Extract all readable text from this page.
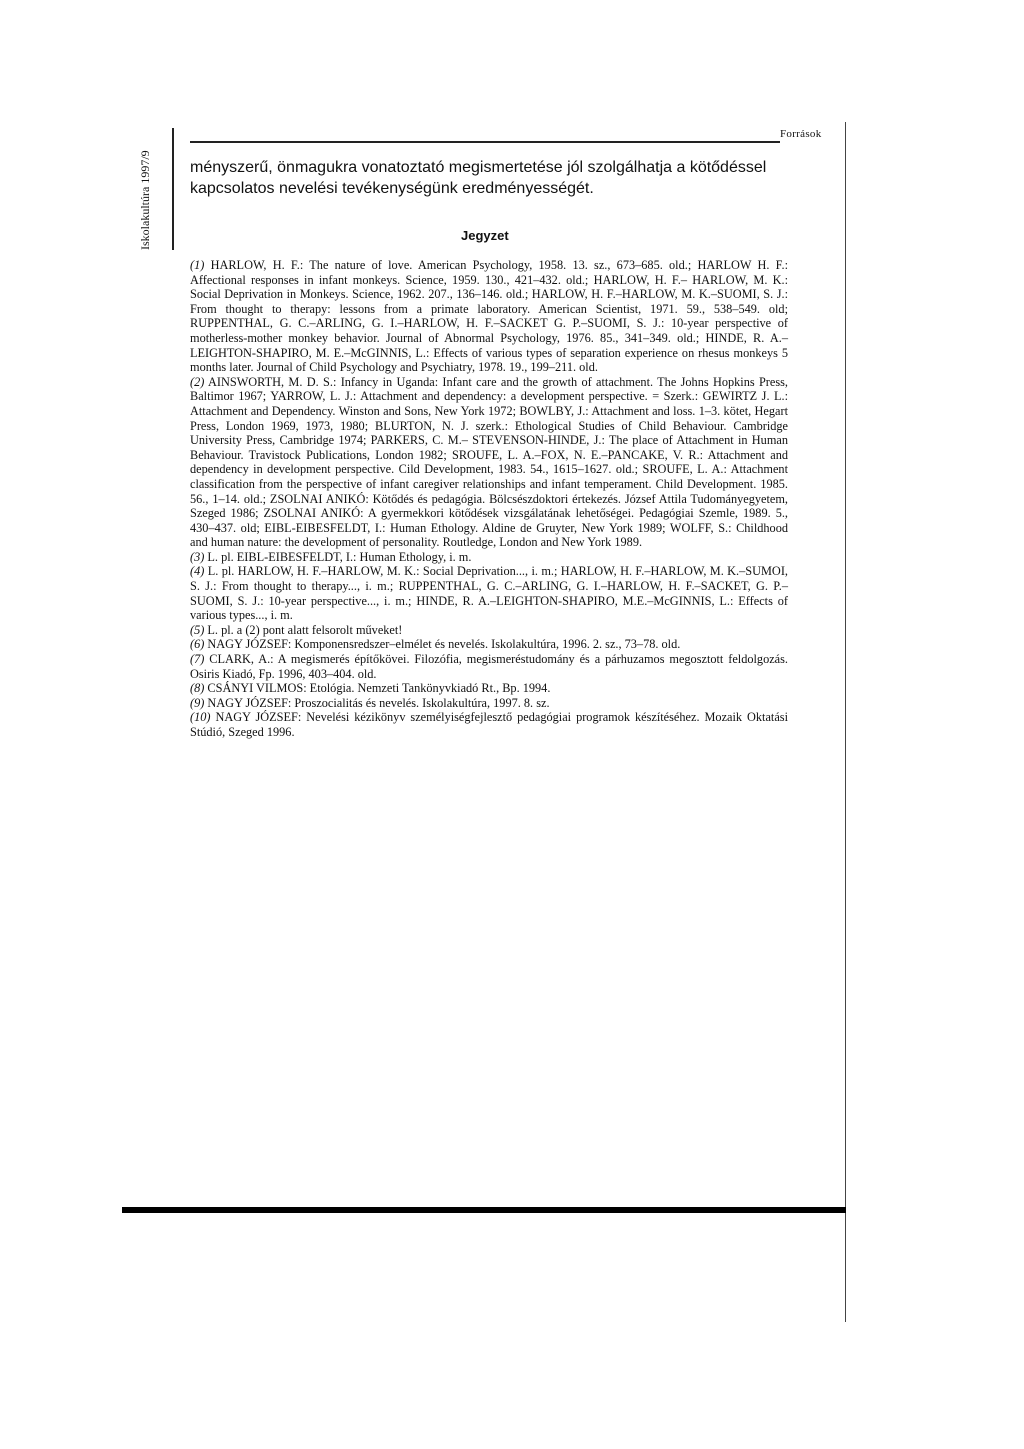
Iskolakultúra 1997/9
Források
ményszerű, önmagukra vonatoztató megismertetése jól szolgálhatja a kötődéssel kapcsolatos nevelési tevékenységünk eredményességét.
Jegyzet

(1) HARLOW, H. F.: The nature of love. American Psychology, 1958. 13. sz., 673–685. old.; HARLOW H. F.: Affectional responses in infant monkeys. Science, 1959. 130., 421–432. old.; HARLOW, H. F.– HARLOW, M. K.: Social Deprivation in Monkeys. Science, 1962. 207., 136–146. old.; HARLOW, H. F.–HARLOW, M. K.–SUOMI, S. J.: From thought to therapy: lessons from a primate laboratory. American Scientist, 1971. 59., 538–549. old; RUPPENTHAL, G. C.–ARLING, G. I.–HARLOW, H. F.–SACKET G. P.–SUOMI, S. J.: 10-year perspective of motherless-mother monkey behavior. Journal of Abnormal Psychology, 1976. 85., 341–349. old.; HINDE, R. A.–LEIGHTON-SHAPIRO, M. E.–McGINNIS, L.: Effects of various types of separation experience on rhesus monkeys 5 months later. Journal of Child Psychology and Psychiatry, 1978. 19., 199–211. old.

(2) AINSWORTH, M. D. S.: Infancy in Uganda: Infant care and the growth of attachment. The Johns Hopkins Press, Baltimor 1967; YARROW, L. J.: Attachment and dependency: a development perspective. = Szerk.: GEWIRTZ J. L.: Attachment and Dependency. Winston and Sons, New York 1972; BOWLBY, J.: Attachment and loss. 1–3. kötet, Hegart Press, London 1969, 1973, 1980; BLURTON, N. J. szerk.: Ethological Studies of Child Behaviour. Cambridge University Press, Cambridge 1974; PARKERS, C. M.– STEVENSON-HINDE, J.: The place of Attachment in Human Behaviour. Travistock Publications, London 1982; SROUFE, L. A.–FOX, N. E.–PANCAKE, V. R.: Attachment and dependency in development perspective. Cild Development, 1983. 54., 1615–1627. old.; SROUFE, L. A.: Attachment classification from the perspective of infant caregiver relationships and infant temperament. Child Development. 1985. 56., 1–14. old.; ZSOLNAI ANIKÓ: Kötődés és pedagógia. Bölcsészdoktori értekezés. József Attila Tudományegyetem, Szeged 1986; ZSOLNAI ANIKÓ: A gyermekkori kötődések vizsgálatának lehetőségei. Pedagógiai Szemle, 1989. 5., 430–437. old; EIBL-EIBESFELDT, I.: Human Ethology. Aldine de Gruyter, New York 1989; WOLFF, S.: Childhood and human nature: the development of personality. Routledge, London and New York 1989.

(3) L. pl. EIBL-EIBESFELDT, I.: Human Ethology, i. m.

(4) L. pl. HARLOW, H. F.–HARLOW, M. K.: Social Deprivation..., i. m.; HARLOW, H. F.–HARLOW, M. K.–SUMOI, S. J.: From thought to therapy..., i. m.; RUPPENTHAL, G. C.–ARLING, G. I.–HARLOW, H. F.–SACKET, G. P.–SUOMI, S. J.: 10-year perspective..., i. m.; HINDE, R. A.–LEIGHTON-SHAPIRO, M.E.–McGINNIS, L.: Effects of various types..., i. m.

(5) L. pl. a (2) pont alatt felsorolt műveket!

(6) NAGY JÓZSEF: Komponensredszer–elmélet és nevelés. Iskolakultúra, 1996. 2. sz., 73–78. old.

(7) CLARK, A.: A megismerés építőkövei. Filozófia, megismeréstudomány és a párhuzamos megosztott feldolgozás. Osiris Kiadó, Fp. 1996, 403–404. old.

(8) CSÁNYI VILMOS: Etológia. Nemzeti Tankönyvkiadó Rt., Bp. 1994.

(9) NAGY JÓZSEF: Proszocialitás és nevelés. Iskolakultúra, 1997. 8. sz.

(10) NAGY JÓZSEF: Nevelési kézikönyv személyiségfejlesztő pedagógiai programok készítéséhez. Mozaik Oktatási Stúdió, Szeged 1996.
